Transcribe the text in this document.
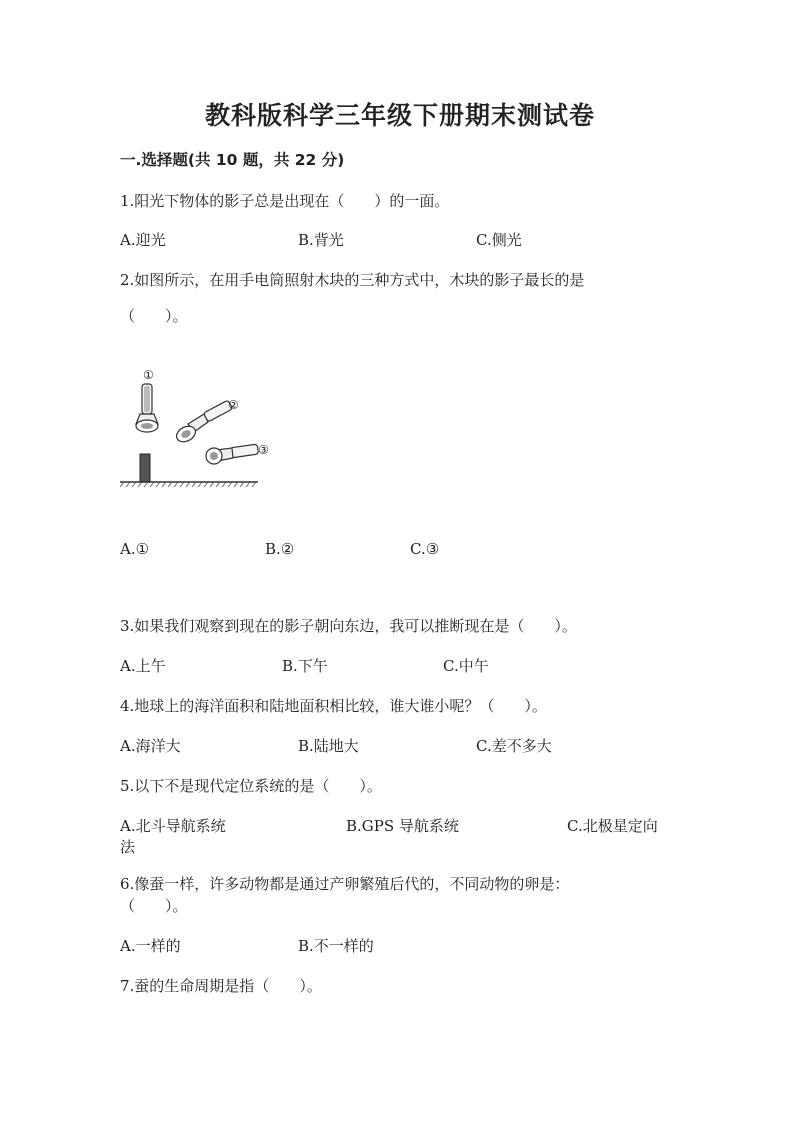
教科版科学三年级下册期末测试卷
一.选择题(共 10 题，共 22 分)
1.阳光下物体的影子总是出现在（　　）的一面。
A.迎光	B.背光	C.侧光
2.如图所示，在用手电筒照射木块的三种方式中，木块的影子最长的是
（　　）。
①
②
③
A.①	B.②	C.③
3.如果我们观察到现在的影子朝向东边，我可以推断现在是（　　）。
A.上午	B.下午	C.中午
4.地球上的海洋面积和陆地面积相比较，谁大谁小呢？（　　）。
A.海洋大	B.陆地大	C.差不多大
5.以下不是现代定位系统的是（　　）。
A.北斗导航系统	B.GPS 导航系统	C.北极星定向
法
6.像蚕一样，许多动物都是通过产卵繁殖后代的，不同动物的卵是：
（　　）。
A.一样的	B.不一样的
7.蚕的生命周期是指（　　）。
